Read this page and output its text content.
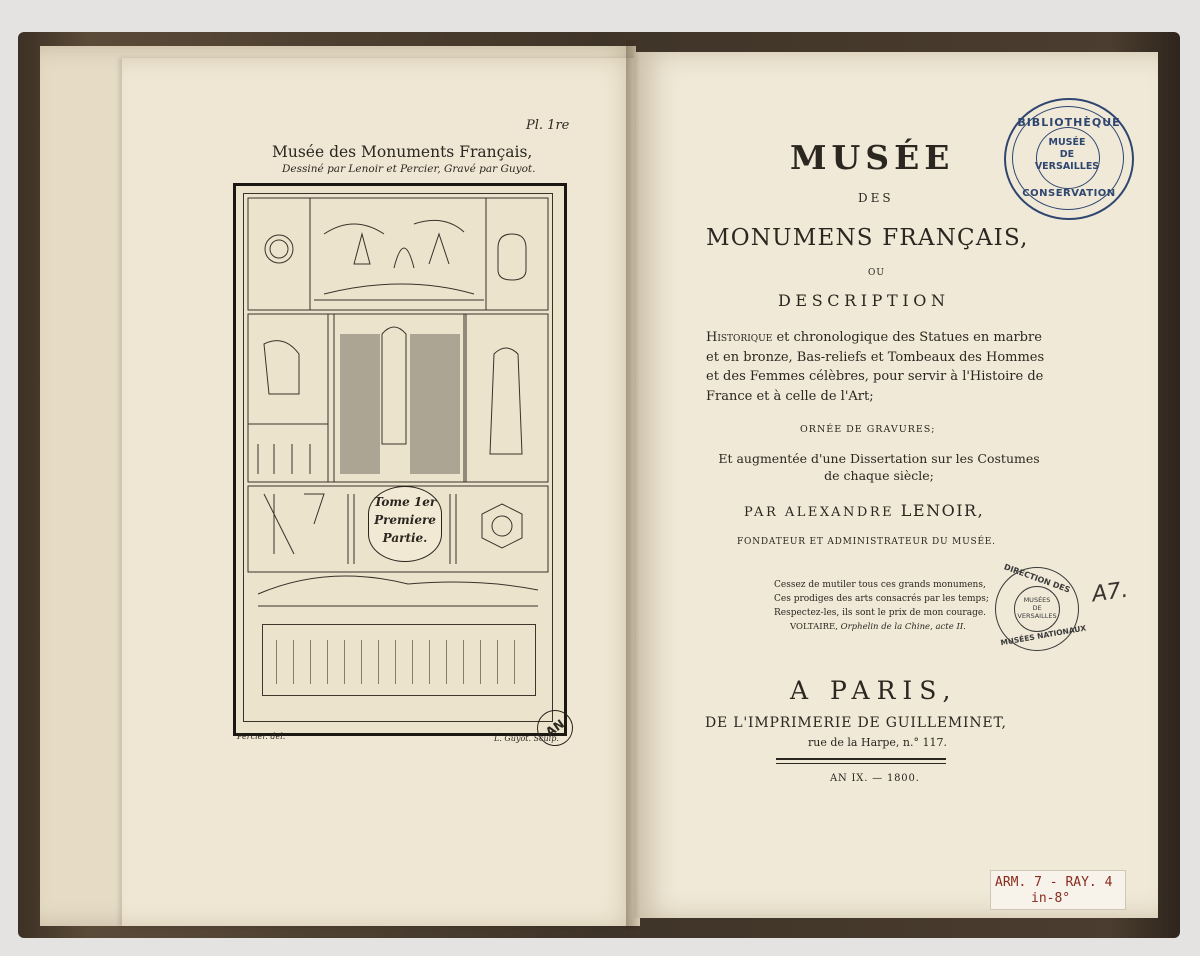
Pl. 1re
Musée des Monuments Français,
Dessiné par Lenoir et Percier, Gravé par Guyot.
Tome 1er
Premiere
Partie.
Percier. del.	L. Guyot. Sculp.
AN
MUSÉE
DES
MONUMENS FRANÇAIS,
OU
DESCRIPTION
Historique et chronologique des Statues en marbre et en bronze, Bas-reliefs et Tombeaux des Hommes et des Femmes célèbres, pour servir à l'Histoire de France et à celle de l'Art;
ORNÉE DE GRAVURES;
Et augmentée d'une Dissertation sur les Costumes de chaque siècle;
PAR ALEXANDRE LENOIR,
FONDATEUR ET ADMINISTRATEUR DU MUSÉE.
Cessez de mutiler tous ces grands monumens,
Ces prodiges des arts consacrés par les temps;
Respectez-les, ils sont le prix de mon courage.
VOLTAIRE, Orphelin de la Chine, acte II.
A PARIS,
DE L'IMPRIMERIE DE GUILLEMINET,
rue de la Harpe, n.° 117.
AN IX. — 1800.
BIBLIOTHÈQUE
MUSÉE
DE
VERSAILLES
CONSERVATION
DIRECTION DES
MUSÉES
DE
VERSAILLES
MUSÉES NATIONAUX
A7.
ARM. 7 - RAY. 4
in-8°
